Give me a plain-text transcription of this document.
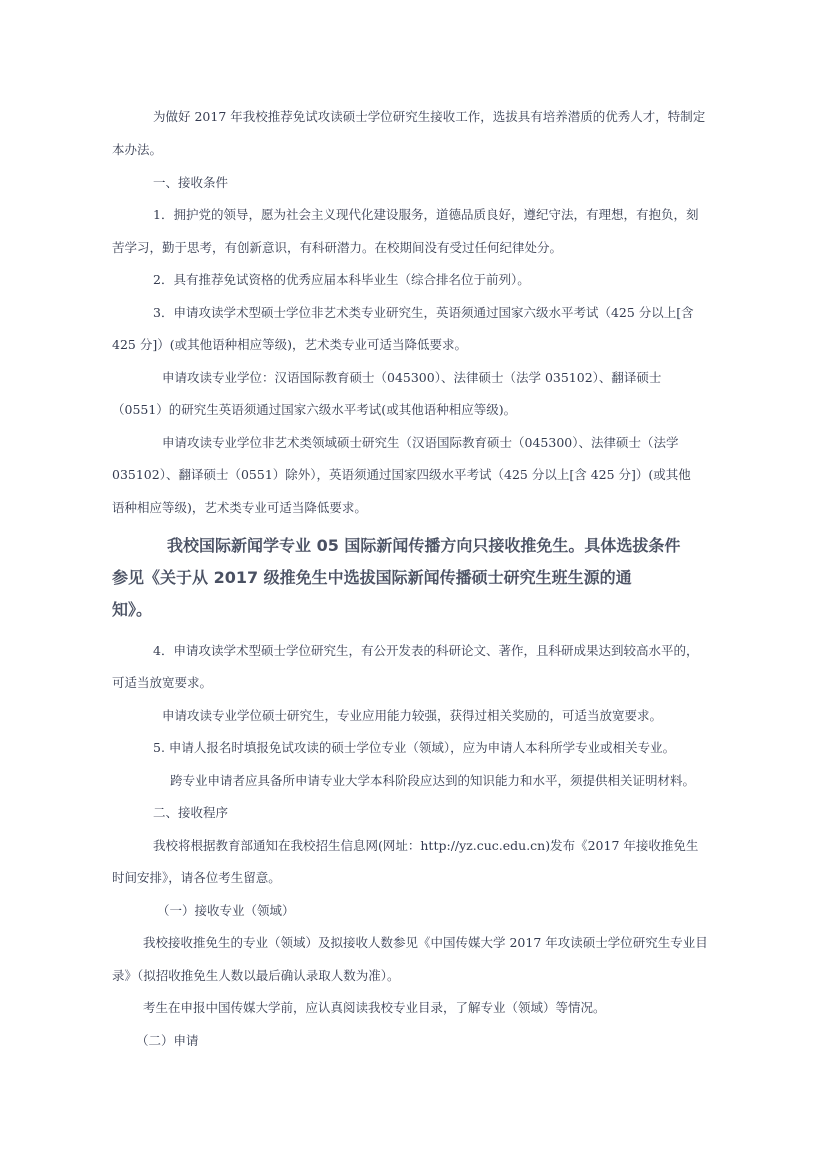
为做好 2017 年我校推荐免试攻读硕士学位研究生接收工作，选拔具有培养潜质的优秀人才，特制定
本办法。
一、接收条件
1．拥护党的领导，愿为社会主义现代化建设服务，道德品质良好，遵纪守法，有理想，有抱负，刻
苦学习，勤于思考，有创新意识，有科研潜力。在校期间没有受过任何纪律处分。
2．具有推荐免试资格的优秀应届本科毕业生（综合排名位于前列）。
3．申请攻读学术型硕士学位非艺术类专业研究生，英语须通过国家六级水平考试（425 分以上[含
425 分]）(或其他语种相应等级)，艺术类专业可适当降低要求。
申请攻读专业学位：汉语国际教育硕士（045300）、法律硕士（法学 035102）、翻译硕士
（0551）的研究生英语须通过国家六级水平考试(或其他语种相应等级)。
申请攻读专业学位非艺术类领域硕士研究生（汉语国际教育硕士（045300）、法律硕士（法学
035102）、翻译硕士（0551）除外），英语须通过国家四级水平考试（425 分以上[含 425 分]）(或其他
语种相应等级)，艺术类专业可适当降低要求。
我校国际新闻学专业 05 国际新闻传播方向只接收推免生。具体选拔条件
参见《关于从 2017 级推免生中选拔国际新闻传播硕士研究生班生源的通
知》。
4．申请攻读学术型硕士学位研究生，有公开发表的科研论文、著作，且科研成果达到较高水平的，
可适当放宽要求。
申请攻读专业学位硕士研究生，专业应用能力较强，获得过相关奖励的，可适当放宽要求。
5. 申请人报名时填报免试攻读的硕士学位专业（领域），应为申请人本科所学专业或相关专业。
跨专业申请者应具备所申请专业大学本科阶段应达到的知识能力和水平，须提供相关证明材料。
二、接收程序
我校将根据教育部通知在我校招生信息网(网址：http://yz.cuc.edu.cn)发布《2017 年接收推免生
时间安排》，请各位考生留意。
（一）接收专业（领域）
我校接收推免生的专业（领域）及拟接收人数参见《中国传媒大学 2017 年攻读硕士学位研究生专业目
录》（拟招收推免生人数以最后确认录取人数为准）。
考生在申报中国传媒大学前，应认真阅读我校专业目录，了解专业（领域）等情况。
（二）申请
